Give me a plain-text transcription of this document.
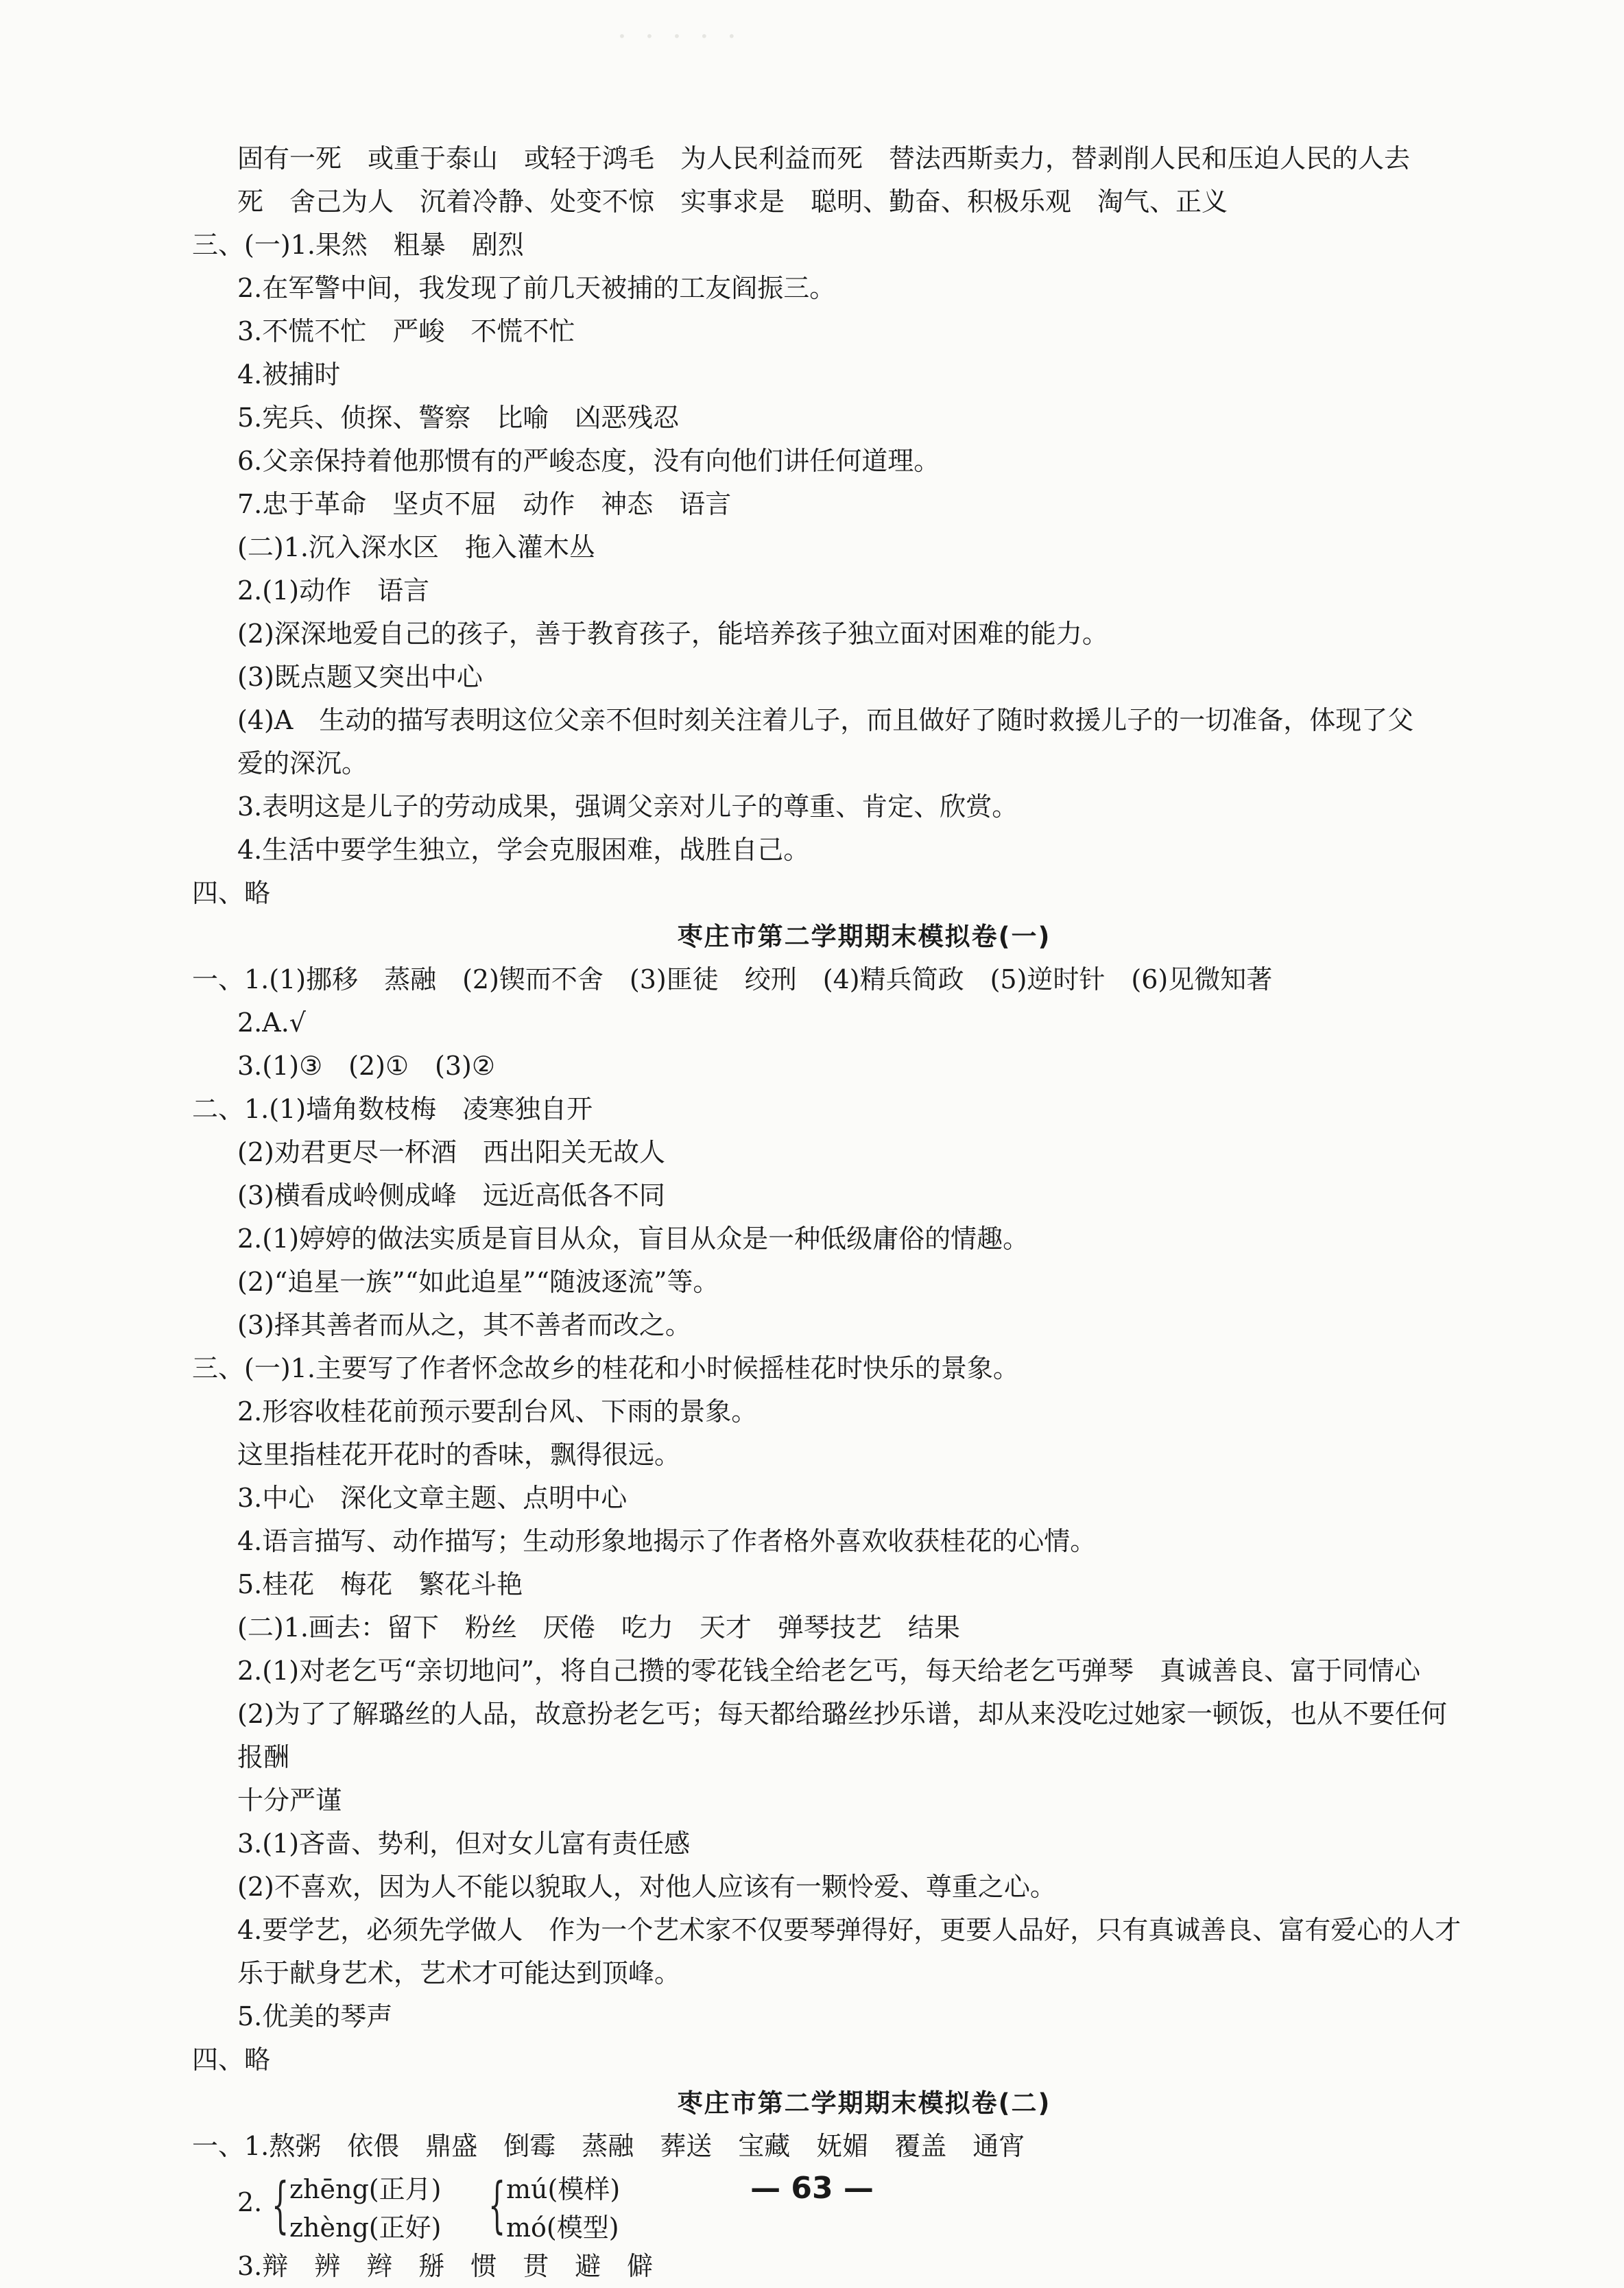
· · · · ·
固有一死　或重于泰山　或轻于鸿毛　为人民利益而死　替法西斯卖力，替剥削人民和压迫人民的人去
死　舍己为人　沉着冷静、处变不惊　实事求是　聪明、勤奋、积极乐观　淘气、正义
三、(一)1.果然　粗暴　剧烈
2.在军警中间，我发现了前几天被捕的工友阎振三。
3.不慌不忙　严峻　不慌不忙
4.被捕时
5.宪兵、侦探、警察　比喻　凶恶残忍
6.父亲保持着他那惯有的严峻态度，没有向他们讲任何道理。
7.忠于革命　坚贞不屈　动作　神态　语言
(二)1.沉入深水区　拖入灌木丛
2.(1)动作　语言
(2)深深地爱自己的孩子，善于教育孩子，能培养孩子独立面对困难的能力。
(3)既点题又突出中心
(4)A　生动的描写表明这位父亲不但时刻关注着儿子，而且做好了随时救援儿子的一切准备，体现了父
爱的深沉。
3.表明这是儿子的劳动成果，强调父亲对儿子的尊重、肯定、欣赏。
4.生活中要学生独立，学会克服困难，战胜自己。
四、略
枣庄市第二学期期末模拟卷(一)
一、1.(1)挪移　蒸融　(2)锲而不舍　(3)匪徒　绞刑　(4)精兵简政　(5)逆时针　(6)见微知著
2.A.√
3.(1)③　(2)①　(3)②
二、1.(1)墙角数枝梅　凌寒独自开
(2)劝君更尽一杯酒　西出阳关无故人
(3)横看成岭侧成峰　远近高低各不同
2.(1)婷婷的做法实质是盲目从众，盲目从众是一种低级庸俗的情趣。
(2)“追星一族”“如此追星”“随波逐流”等。
(3)择其善者而从之，其不善者而改之。
三、(一)1.主要写了作者怀念故乡的桂花和小时候摇桂花时快乐的景象。
2.形容收桂花前预示要刮台风、下雨的景象。
这里指桂花开花时的香味，飘得很远。
3.中心　深化文章主题、点明中心
4.语言描写、动作描写；生动形象地揭示了作者格外喜欢收获桂花的心情。
5.桂花　梅花　繁花斗艳
(二)1.画去：留下　粉丝　厌倦　吃力　天才　弹琴技艺　结果
2.(1)对老乞丐“亲切地问”，将自己攒的零花钱全给老乞丐，每天给老乞丐弹琴　真诚善良、富于同情心
(2)为了了解璐丝的人品，故意扮老乞丐；每天都给璐丝抄乐谱，却从来没吃过她家一顿饭，也从不要任何
报酬
十分严谨
3.(1)吝啬、势利，但对女儿富有责任感
(2)不喜欢，因为人不能以貌取人，对他人应该有一颗怜爱、尊重之心。
4.要学艺，必须先学做人　作为一个艺术家不仅要琴弹得好，更要人品好，只有真诚善良、富有爱心的人才
乐于献身艺术，艺术才可能达到顶峰。
5.优美的琴声
四、略
枣庄市第二学期期末模拟卷(二)
一、1.熬粥　依偎　鼎盛　倒霉　蒸融　葬送　宝藏　妩媚　覆盖　通宵
2. { zhēng(正月)
zhèng(正好) { mú(模样)
mó(模型)
3.辩　辨　辫　掰　惯　贯　避　僻
— 63 —
